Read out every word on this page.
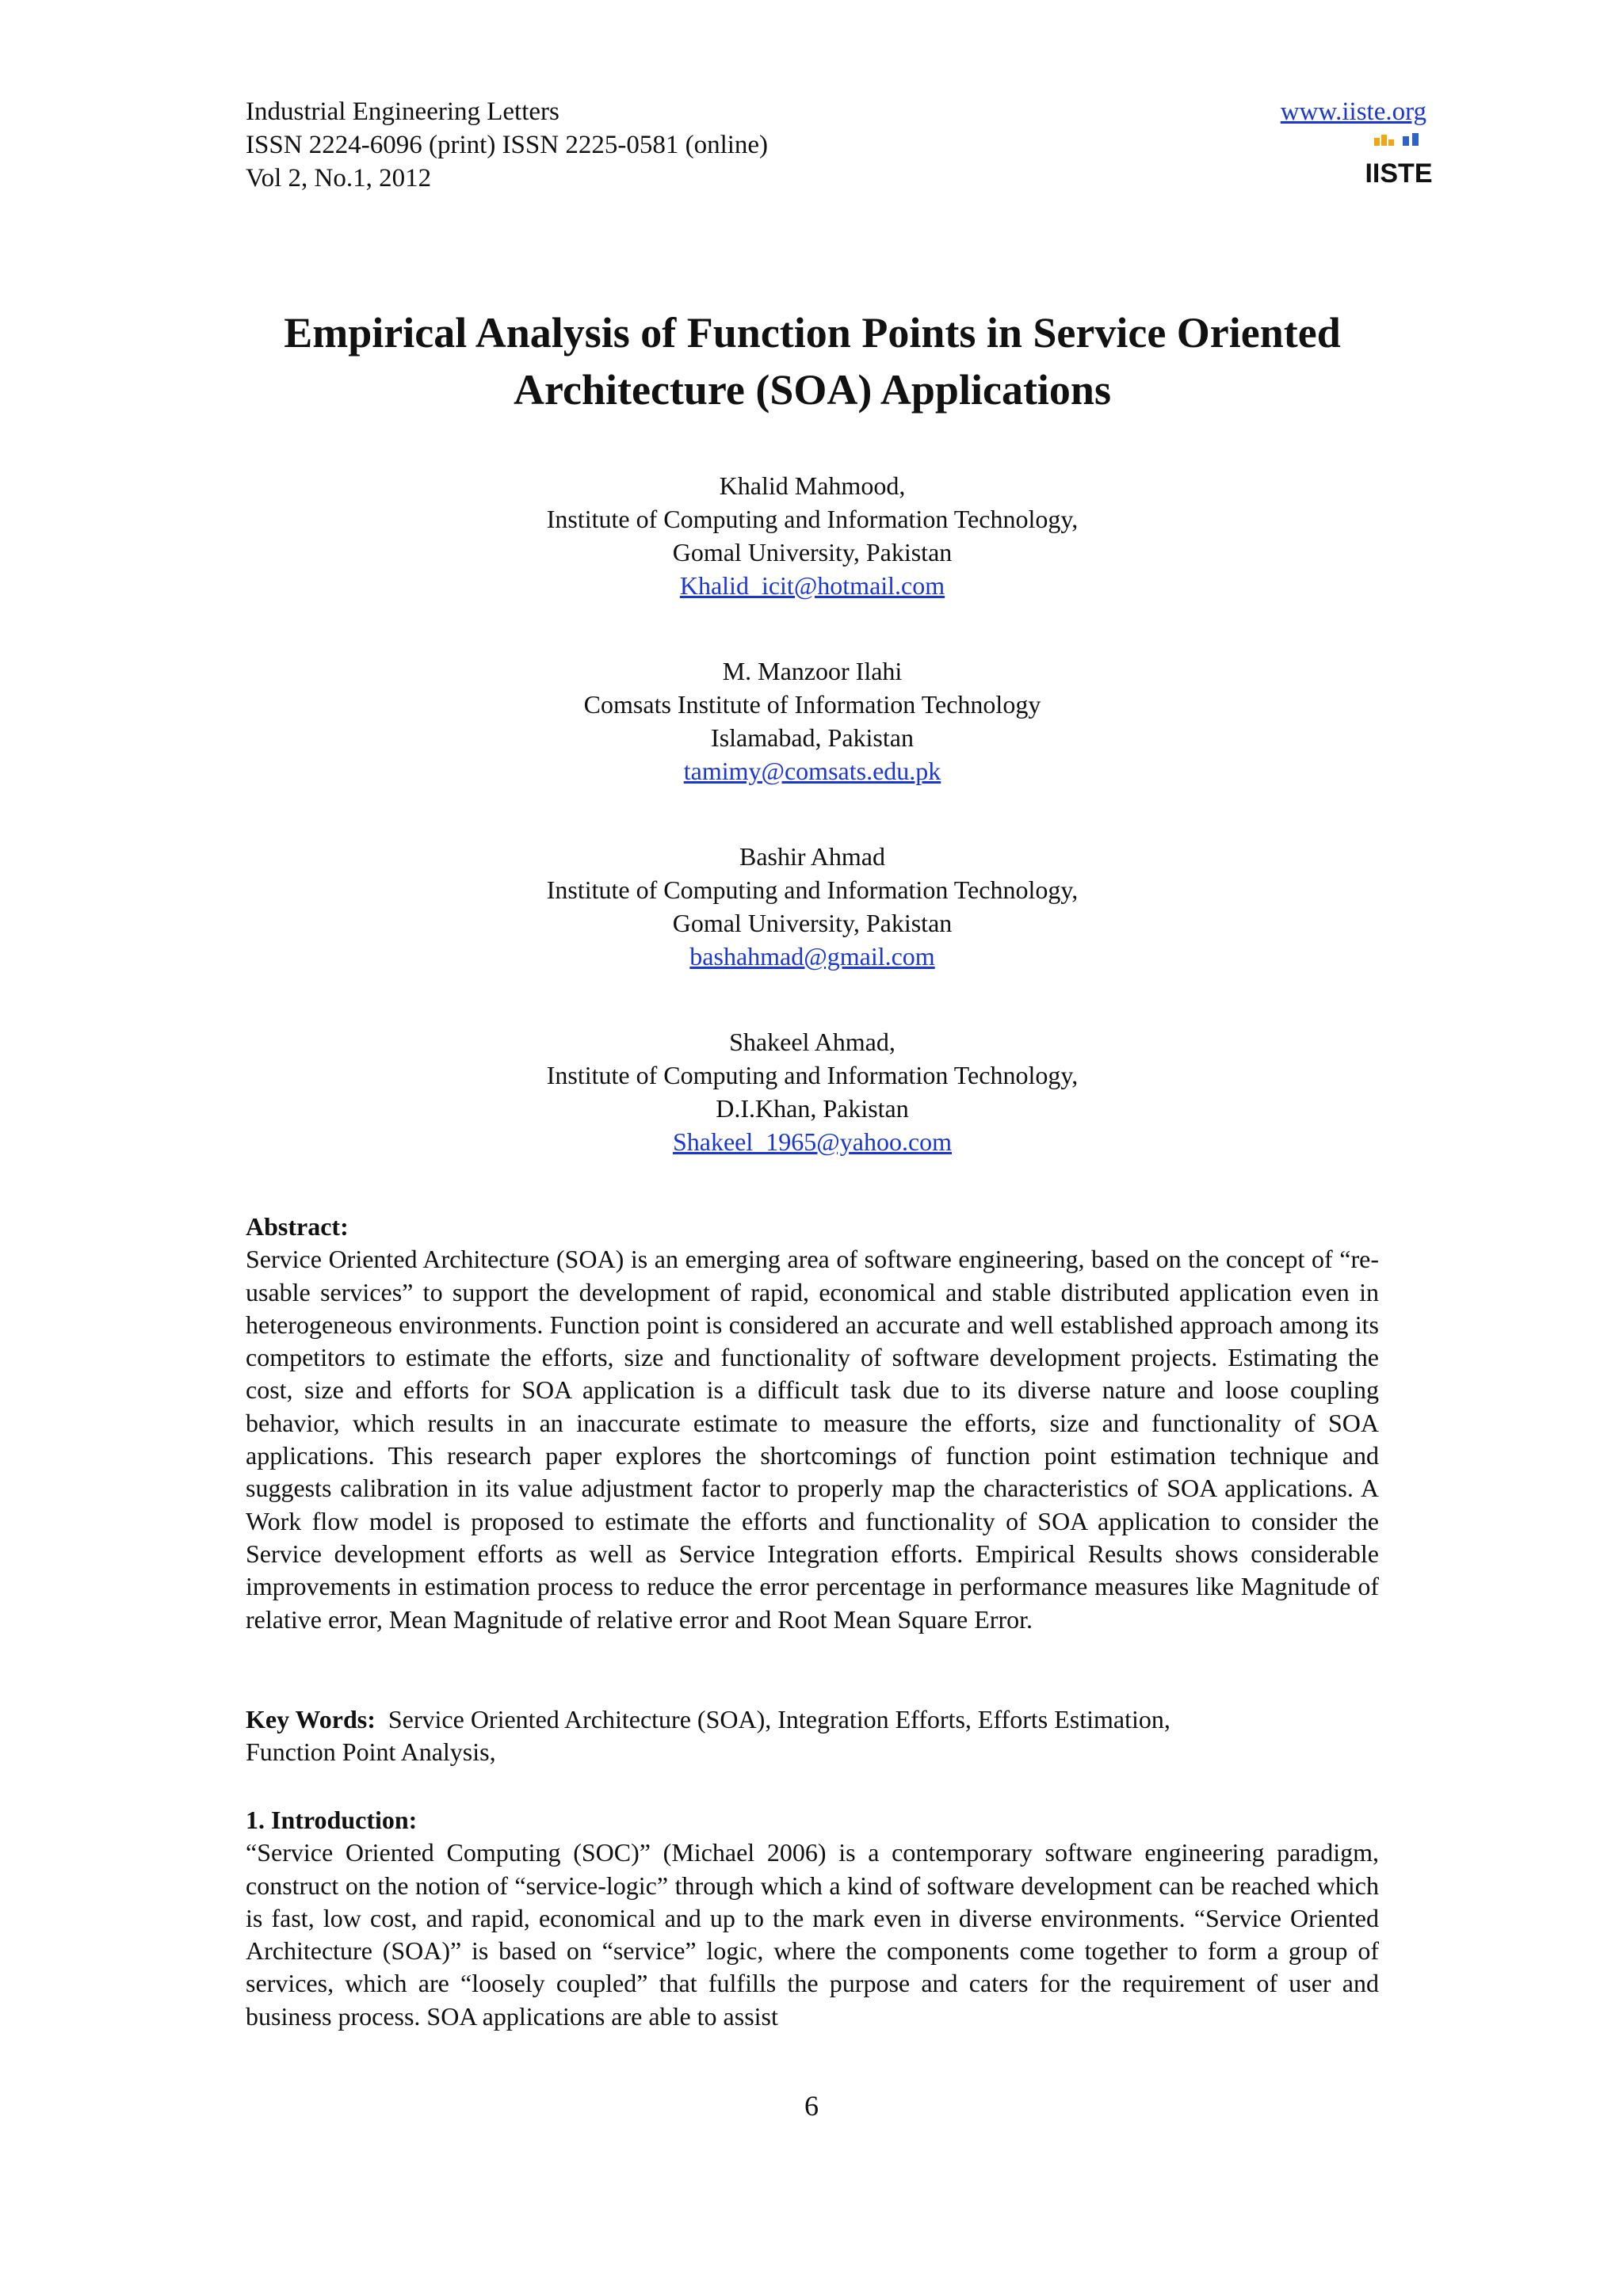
Industrial Engineering Letters
ISSN 2224-6096 (print) ISSN 2225-0581 (online)
Vol 2, No.1, 2012
www.iiste.org
IISTE
Empirical Analysis of Function Points in Service Oriented
Architecture (SOA) Applications
Khalid Mahmood,
Institute of Computing and Information Technology,
Gomal University, Pakistan
Khalid_icit@hotmail.com
M. Manzoor Ilahi
Comsats Institute of Information Technology
Islamabad, Pakistan
tamimy@comsats.edu.pk
Bashir Ahmad
Institute of Computing and Information Technology,
Gomal University, Pakistan
bashahmad@gmail.com
Shakeel Ahmad,
Institute of Computing and Information Technology,
D.I.Khan, Pakistan
Shakeel_1965@yahoo.com
Abstract:
Service Oriented Architecture (SOA) is an emerging area of software engineering, based on the concept of “re-usable services” to support the development of rapid, economical and stable distributed application even in heterogeneous environments. Function point is considered an accurate and well established approach among its competitors to estimate the efforts, size and functionality of software development projects. Estimating the cost, size and efforts for SOA application is a difficult task due to its diverse nature and loose coupling behavior, which results in an inaccurate estimate to measure the efforts, size and functionality of SOA applications. This research paper explores the shortcomings of function point estimation technique and suggests calibration in its value adjustment factor to properly map the characteristics of SOA applications. A Work flow model is proposed to estimate the efforts and functionality of SOA application to consider the Service development efforts as well as Service Integration efforts. Empirical Results shows considerable improvements in estimation process to reduce the error percentage in performance measures like Magnitude of relative error, Mean Magnitude of relative error and Root Mean Square Error.
Key Words: Service Oriented Architecture (SOA), Integration Efforts, Efforts Estimation,
Function Point Analysis,
1. Introduction:
“Service Oriented Computing (SOC)” (Michael 2006) is a contemporary software engineering paradigm, construct on the notion of “service-logic” through which a kind of software development can be reached which is fast, low cost, and rapid, economical and up to the mark even in diverse environments. “Service Oriented Architecture (SOA)” is based on “service” logic, where the components come together to form a group of services, which are “loosely coupled” that fulfills the purpose and caters for the requirement of user and business process. SOA applications are able to assist
6
